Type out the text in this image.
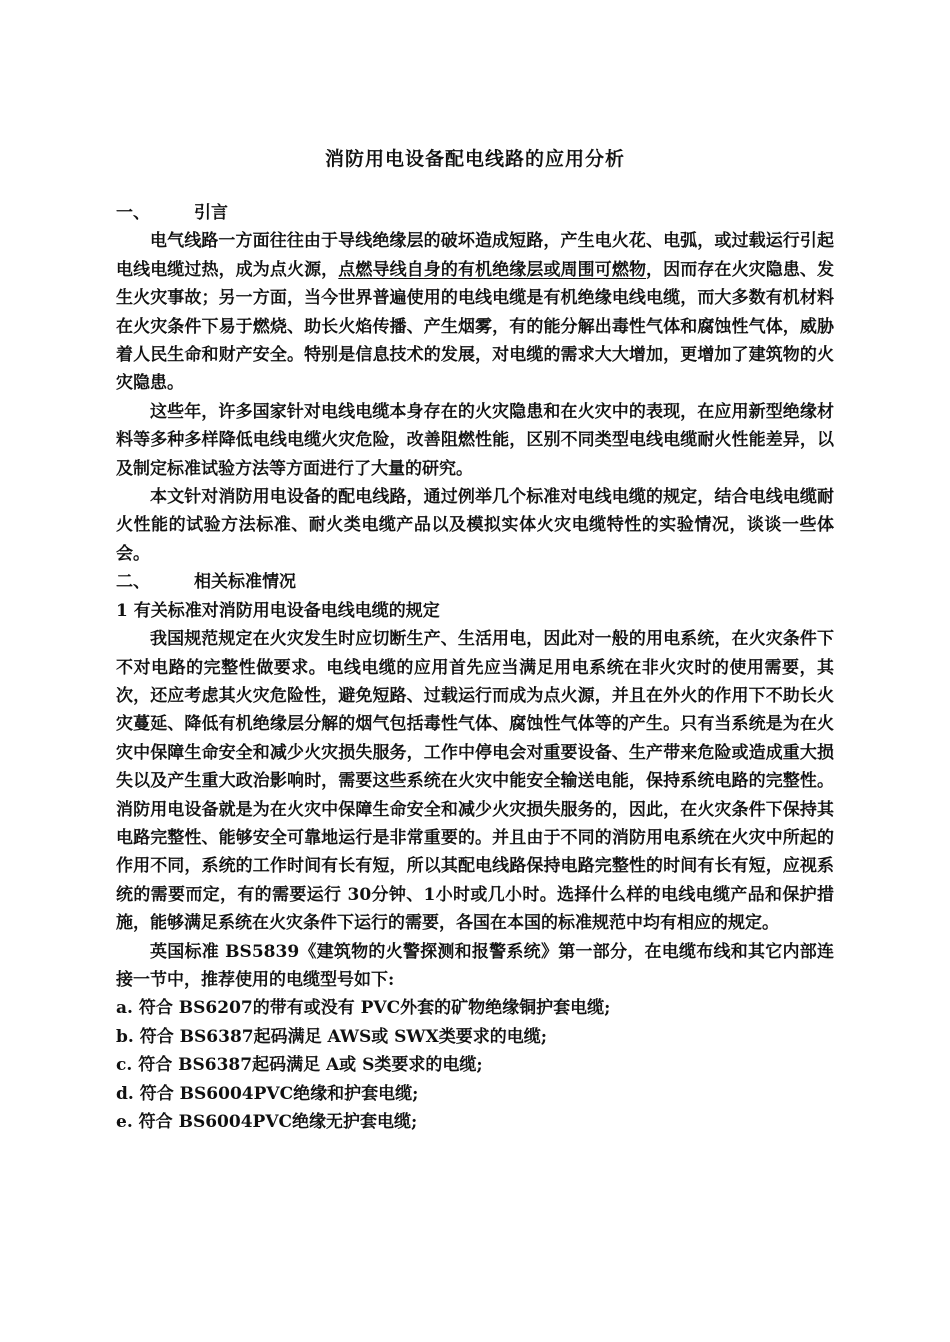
消防用电设备配电线路的应用分析
一、	引言

电气线路一方面往往由于导线绝缘层的破坏造成短路，产生电火花、电弧，或过载运行引起电线电缆过热，成为点火源，点燃导线自身的有机绝缘层或周围可燃物，因而存在火灾隐患、发生火灾事故；另一方面，当今世界普遍使用的电线电缆是有机绝缘电线电缆，而大多数有机材料在火灾条件下易于燃烧、助长火焰传播、产生烟雾，有的能分解出毒性气体和腐蚀性气体，威胁着人民生命和财产安全。特别是信息技术的发展，对电缆的需求大大增加，更增加了建筑物的火灾隐患。

这些年，许多国家针对电线电缆本身存在的火灾隐患和在火灾中的表现，在应用新型绝缘材料等多种多样降低电线电缆火灾危险，改善阻燃性能，区别不同类型电线电缆耐火性能差异，以及制定标准试验方法等方面进行了大量的研究。

本文针对消防用电设备的配电线路，通过例举几个标准对电线电缆的规定，结合电线电缆耐火性能的试验方法标准、耐火类电缆产品以及模拟实体火灾电缆特性的实验情况，谈谈一些体会。

二、	相关标准情况

1 有关标准对消防用电设备电线电缆的规定

我国规范规定在火灾发生时应切断生产、生活用电，因此对一般的用电系统，在火灾条件下不对电路的完整性做要求。电线电缆的应用首先应当满足用电系统在非火灾时的使用需要，其次，还应考虑其火灾危险性，避免短路、过载运行而成为点火源，并且在外火的作用下不助长火灾蔓延、降低有机绝缘层分解的烟气包括毒性气体、腐蚀性气体等的产生。只有当系统是为在火灾中保障生命安全和减少火灾损失服务，工作中停电会对重要设备、生产带来危险或造成重大损失以及产生重大政治影响时，需要这些系统在火灾中能安全输送电能，保持系统电路的完整性。消防用电设备就是为在火灾中保障生命安全和减少火灾损失服务的，因此，在火灾条件下保持其电路完整性、能够安全可靠地运行是非常重要的。并且由于不同的消防用电系统在火灾中所起的作用不同，系统的工作时间有长有短，所以其配电线路保持电路完整性的时间有长有短，应视系统的需要而定，有的需要运行 30分钟、1小时或几小时。选择什么样的电线电缆产品和保护措施，能够满足系统在火灾条件下运行的需要，各国在本国的标准规范中均有相应的规定。

英国标准 BS5839《建筑物的火警探测和报警系统》第一部分，在电缆布线和其它内部连接一节中，推荐使用的电缆型号如下:

a. 符合 BS6207的带有或没有 PVC外套的矿物绝缘铜护套电缆;

b. 符合 BS6387起码满足 AWS或 SWX类要求的电缆;

c. 符合 BS6387起码满足 A或 S类要求的电缆;

d. 符合 BS6004PVC绝缘和护套电缆;

e. 符合 BS6004PVC绝缘无护套电缆;
